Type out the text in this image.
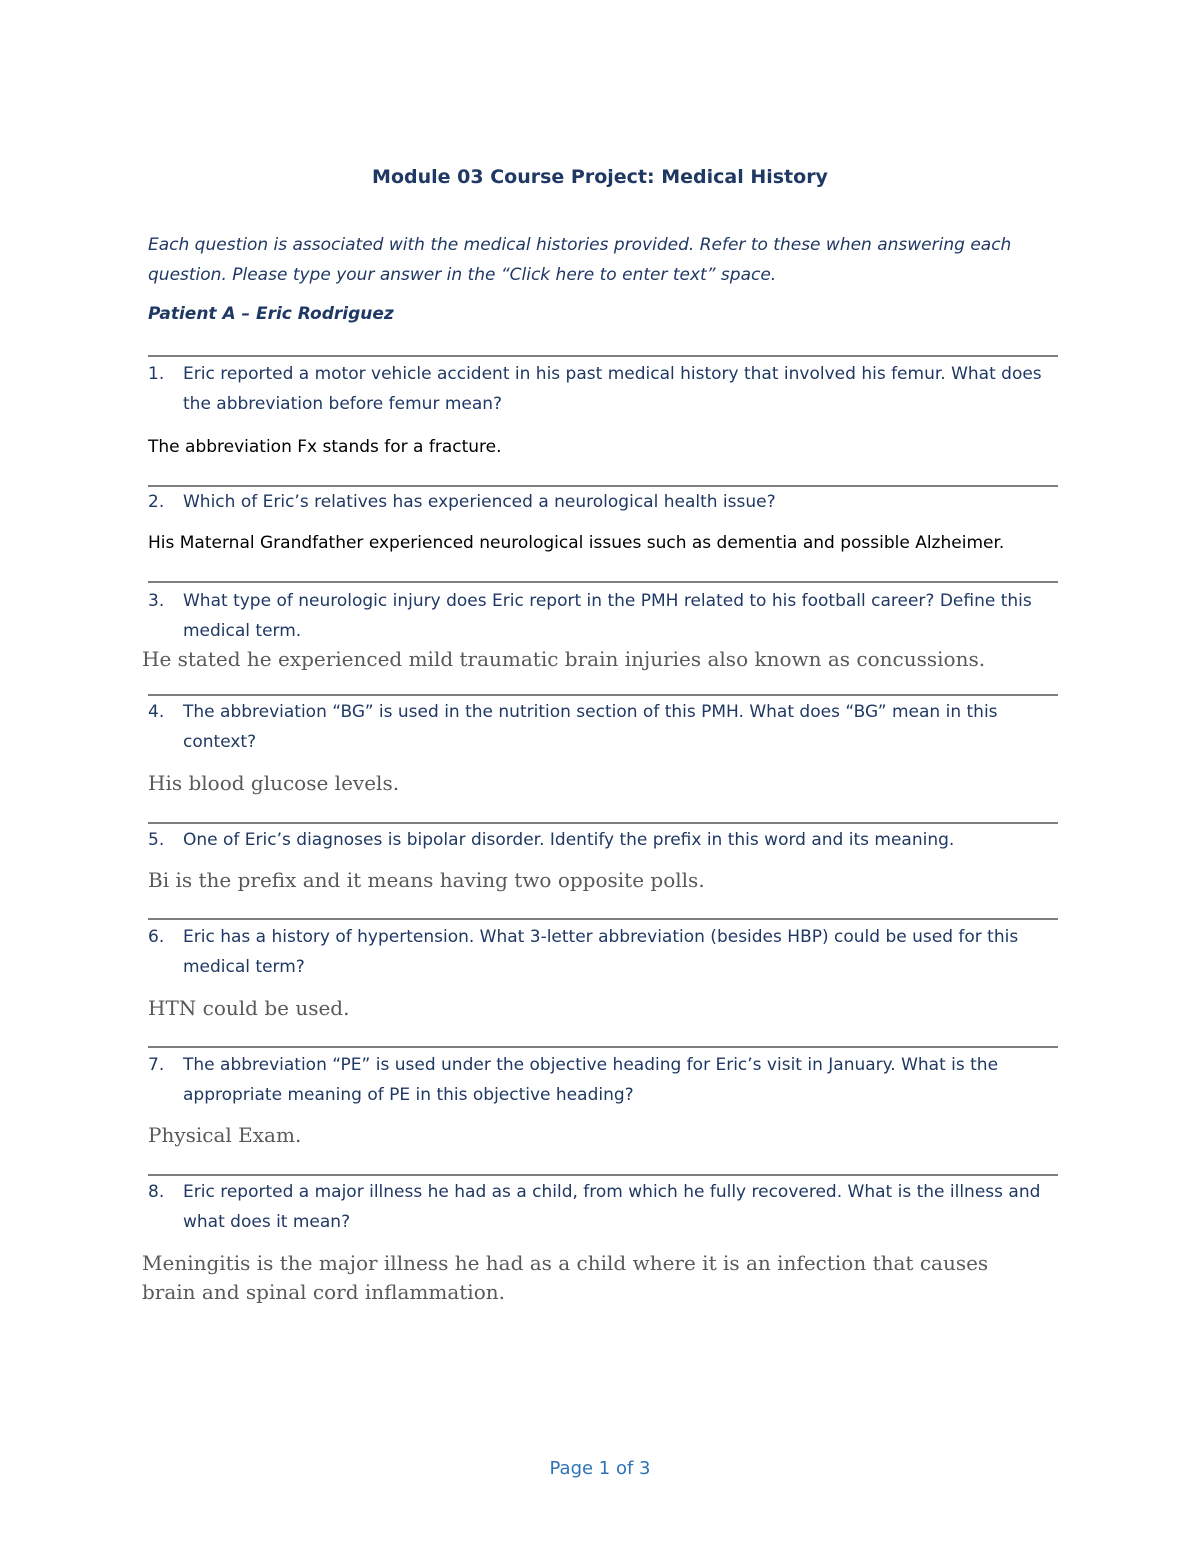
Module 03 Course Project: Medical History
Each question is associated with the medical histories provided. Refer to these when answering each question. Please type your answer in the “Click here to enter text” space.
Patient A – Eric Rodriguez
1.	Eric reported a motor vehicle accident in his past medical history that involved his femur. What does the abbreviation before femur mean?
The abbreviation Fx stands for a fracture.
2.	Which of Eric’s relatives has experienced a neurological health issue?
His Maternal Grandfather experienced neurological issues such as dementia and possible Alzheimer.
3.	What type of neurologic injury does Eric report in the PMH related to his football career? Define this medical term.
He stated he experienced mild traumatic brain injuries also known as concussions.
4.	The abbreviation “BG” is used in the nutrition section of this PMH. What does “BG” mean in this context?
His blood glucose levels.
5.	One of Eric’s diagnoses is bipolar disorder. Identify the prefix in this word and its meaning.
Bi is the prefix and it means having two opposite polls.
6.	Eric has a history of hypertension. What 3-letter abbreviation (besides HBP) could be used for this medical term?
HTN could be used.
7.	The abbreviation “PE” is used under the objective heading for Eric’s visit in January. What is the appropriate meaning of PE in this objective heading?
Physical Exam.
8.	Eric reported a major illness he had as a child, from which he fully recovered. What is the illness and what does it mean?
Meningitis is the major illness he had as a child where it is an infection that causes brain and spinal cord inflammation.
Page 1 of 3
